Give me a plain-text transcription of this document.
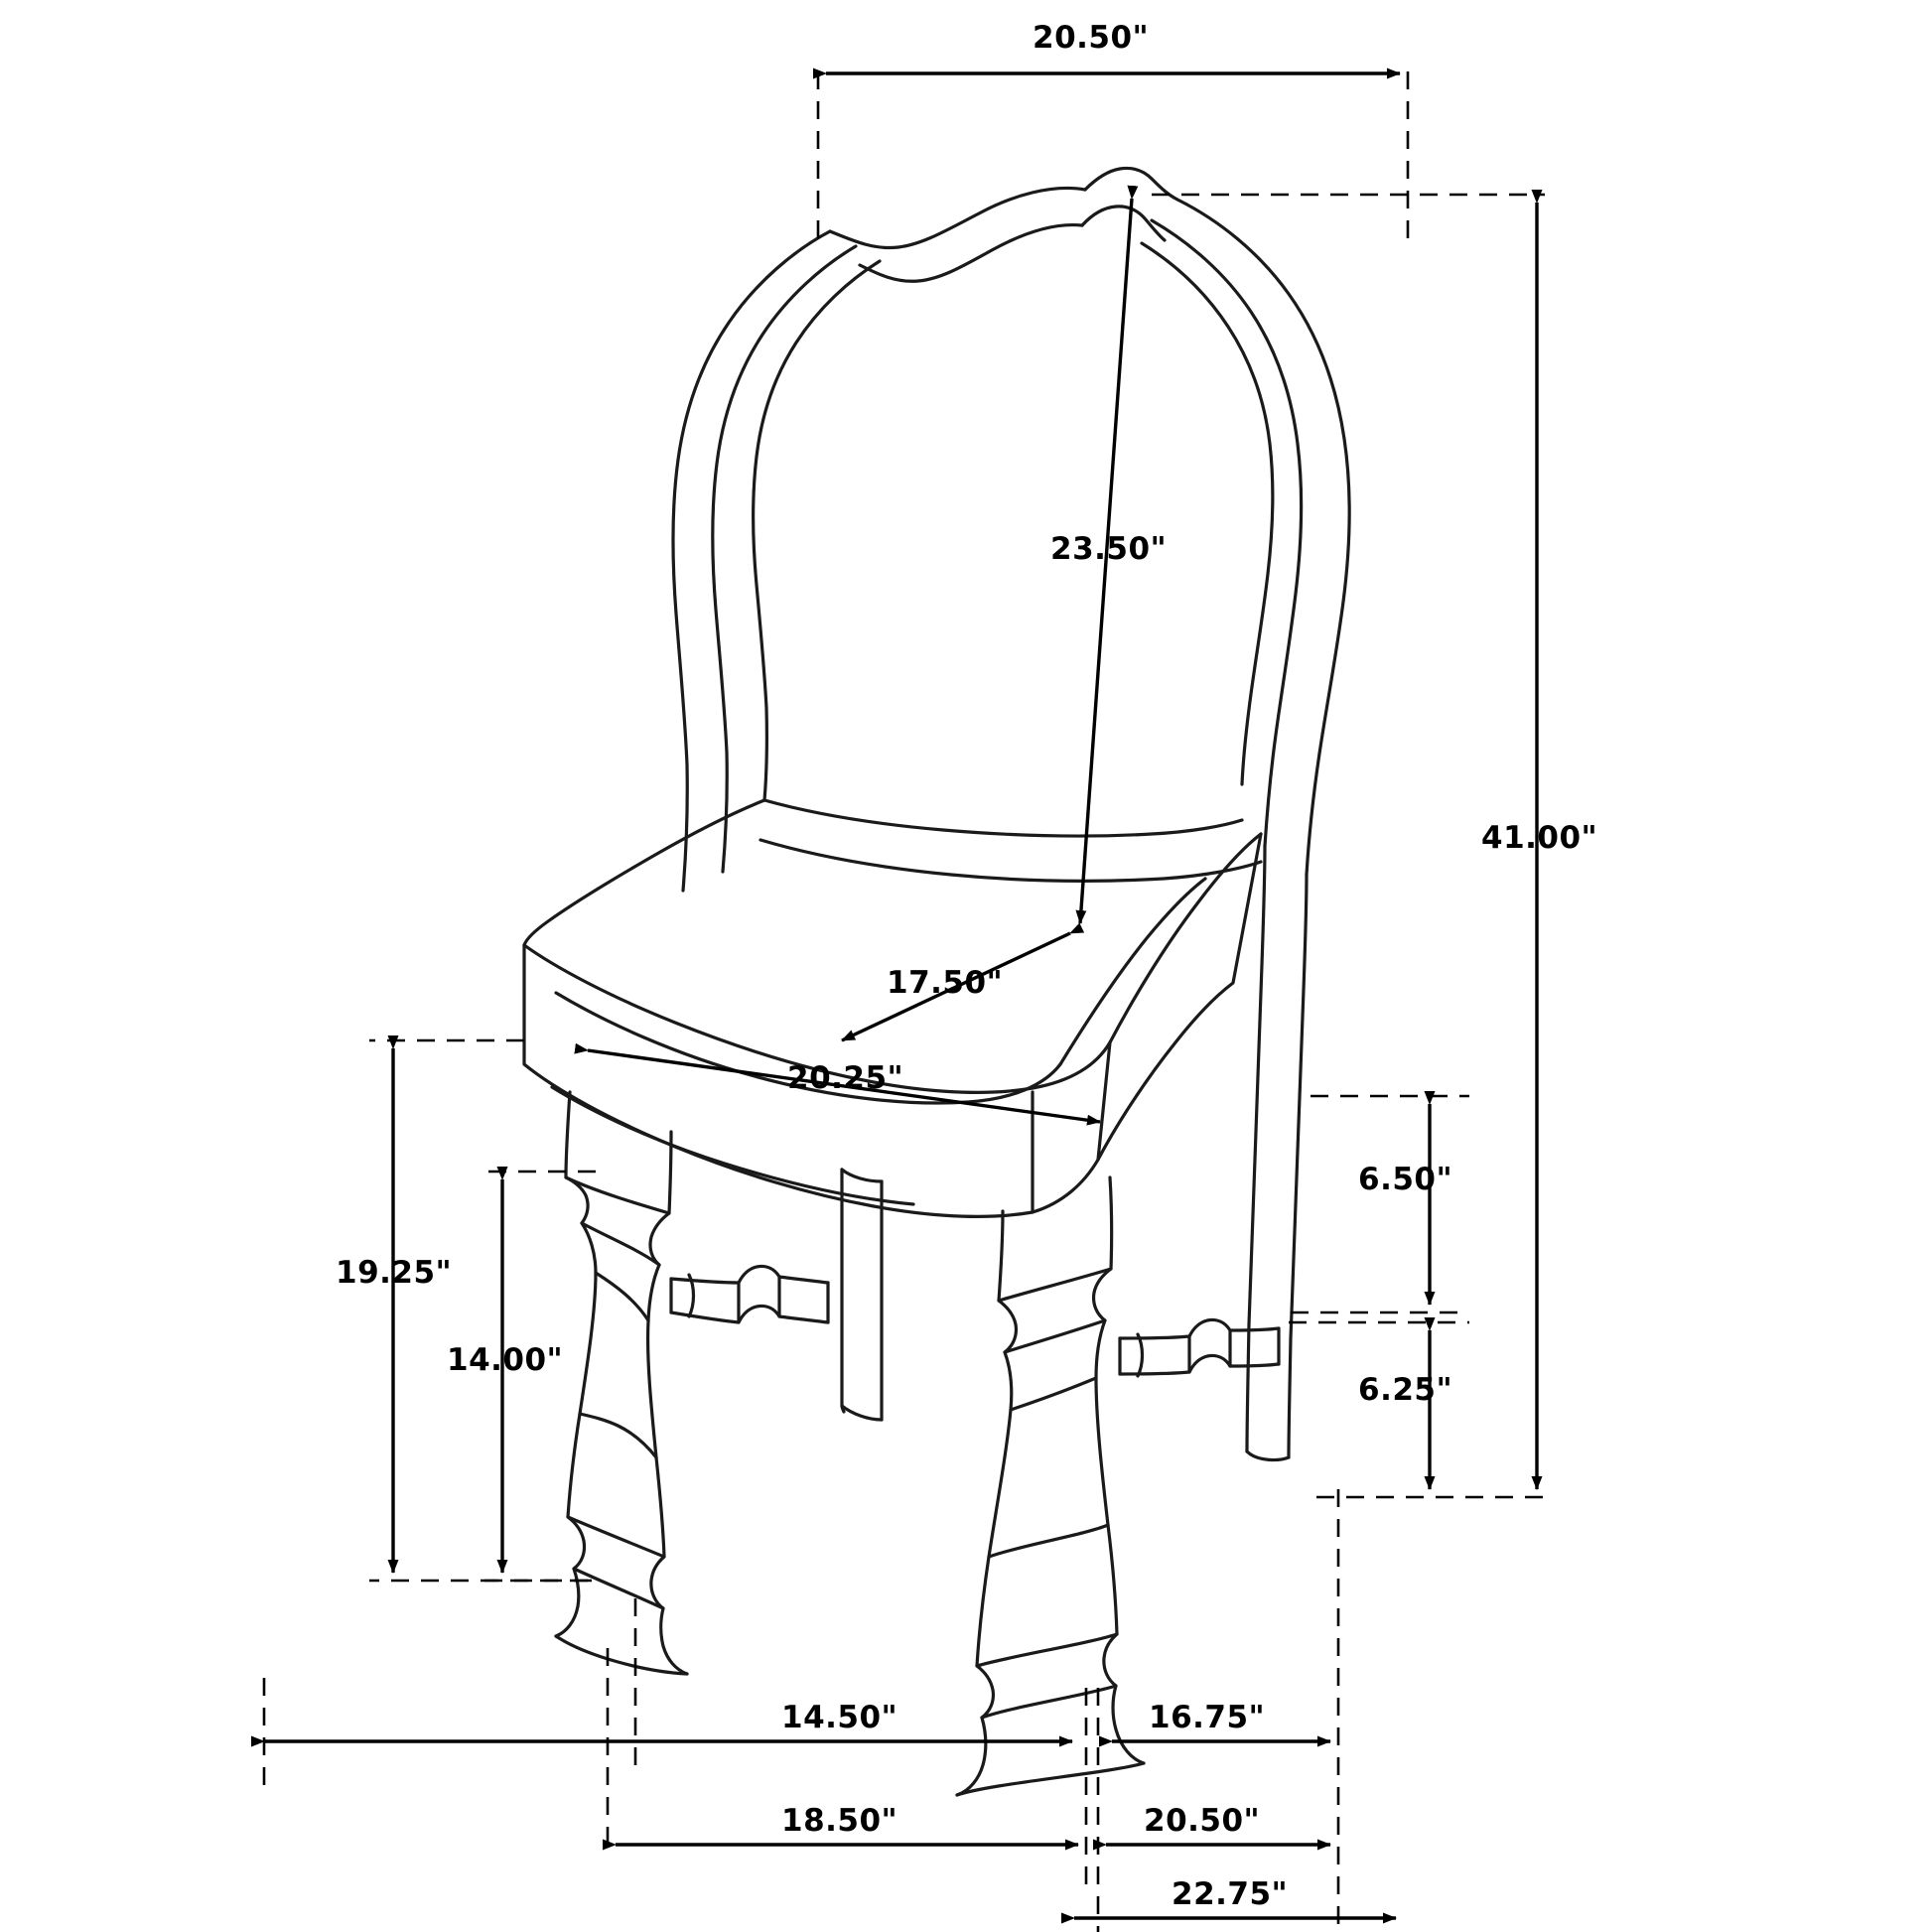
20.50"
41.00"
23.50"
17.50"
20.25"
6.50"
6.25"
19.25"
14.00"
14.50"	16.75"
18.50"	20.50"
22.75"
